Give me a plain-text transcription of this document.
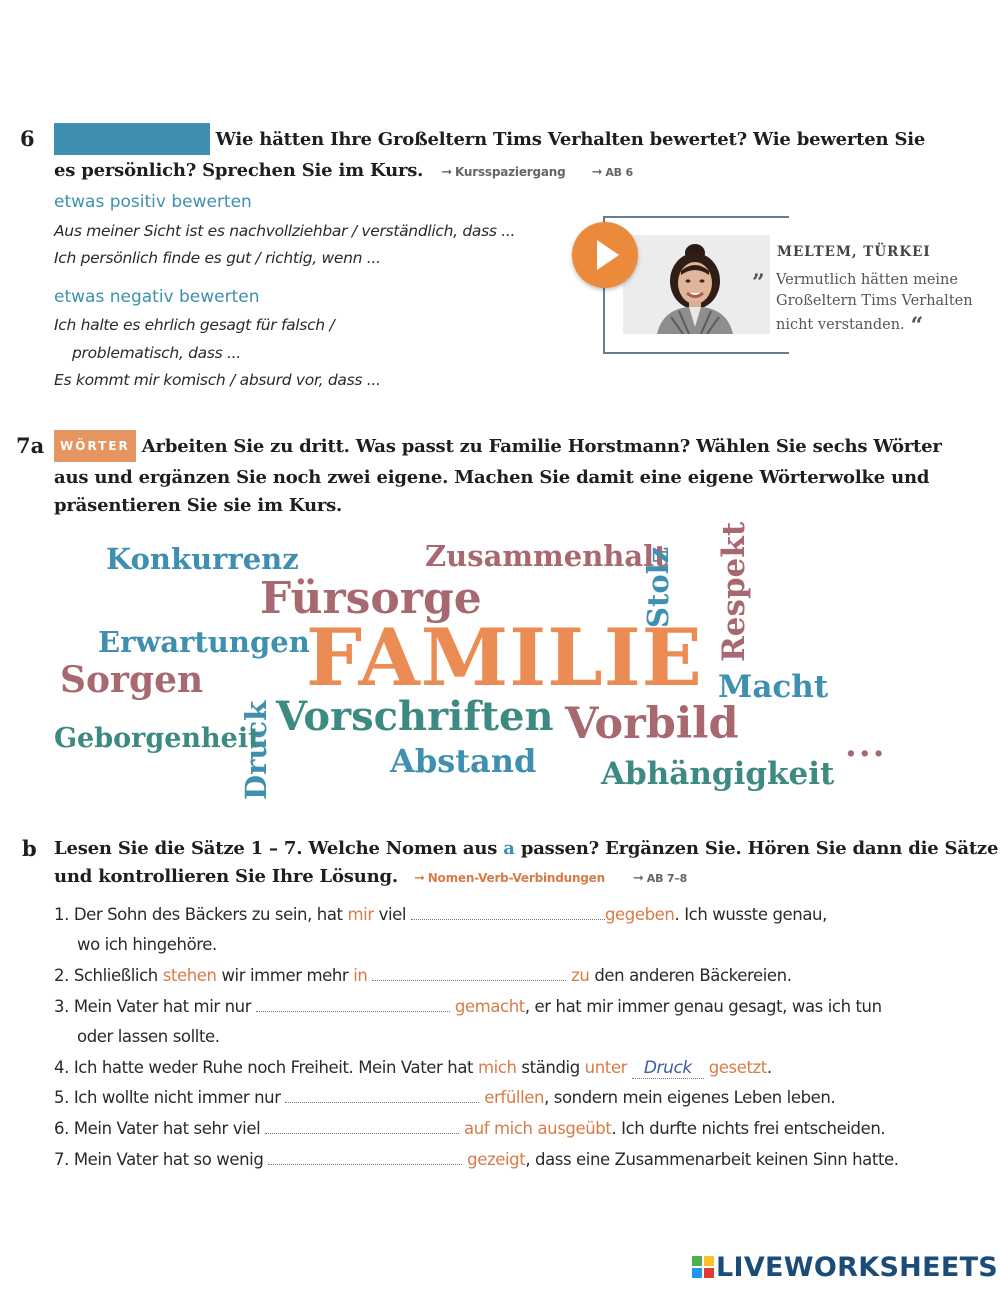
6	KOMMUNIKATION Wie hätten Ihre Großeltern Tims Verhalten bewertet? Wie bewerten Sie
es persönlich? Sprechen Sie im Kurs. ➞ Kursspaziergang ➞ AB 6
etwas positiv bewerten
Aus meiner Sicht ist es nachvollziehbar / verständlich, dass ...
Ich persönlich finde es gut / richtig, wenn ...
etwas negativ bewerten
Ich halte es ehrlich gesagt für falsch /
problematisch, dass ...
Es kommt mir komisch / absurd vor, dass ...
MELTEM, TÜRKEI
” Vermutlich hätten meine
Großeltern Tims Verhalten
nicht verstanden. “
7a	WÖRTER Arbeiten Sie zu dritt. Was passt zu Familie Horstmann? Wählen Sie sechs Wörter
aus und ergänzen Sie noch zwei eigene. Machen Sie damit eine eigene Wörterwolke und
präsentieren Sie sie im Kurs.
Konkurrenz	Zusammenhalt
Stolz Respekt
Fürsorge
Erwartungen
FAMILIE
Sorgen	Macht
Druck Vorschriften Vorbild
Geborgenheit
Abstand Abhängigkeit
...
b Lesen Sie die Sätze 1 – 7. Welche Nomen aus a passen? Ergänzen Sie. Hören Sie dann die Sätze
und kontrollieren Sie Ihre Lösung. ➞ Nomen-Verb-Verbindungen ➞ AB 7–8
1. Der Sohn des Bäckers zu sein, hat mir viel	gegeben. Ich wusste genau,
wo ich hingehöre.
2. Schließlich stehen wir immer mehr in	zu den anderen Bäckereien.
3. Mein Vater hat mir nur	gemacht, er hat mir immer genau gesagt, was ich tun
oder lassen sollte.
4. Ich hatte weder Ruhe noch Freiheit. Mein Vater hat mich ständig unter Druck gesetzt.
5. Ich wollte nicht immer nur	erfüllen, sondern mein eigenes Leben leben.
6. Mein Vater hat sehr viel	auf mich ausgeübt. Ich durfte nichts frei entscheiden.
7. Mein Vater hat so wenig	gezeigt, dass eine Zusammenarbeit keinen Sinn hatte.
LIVEWORKSHEETS
